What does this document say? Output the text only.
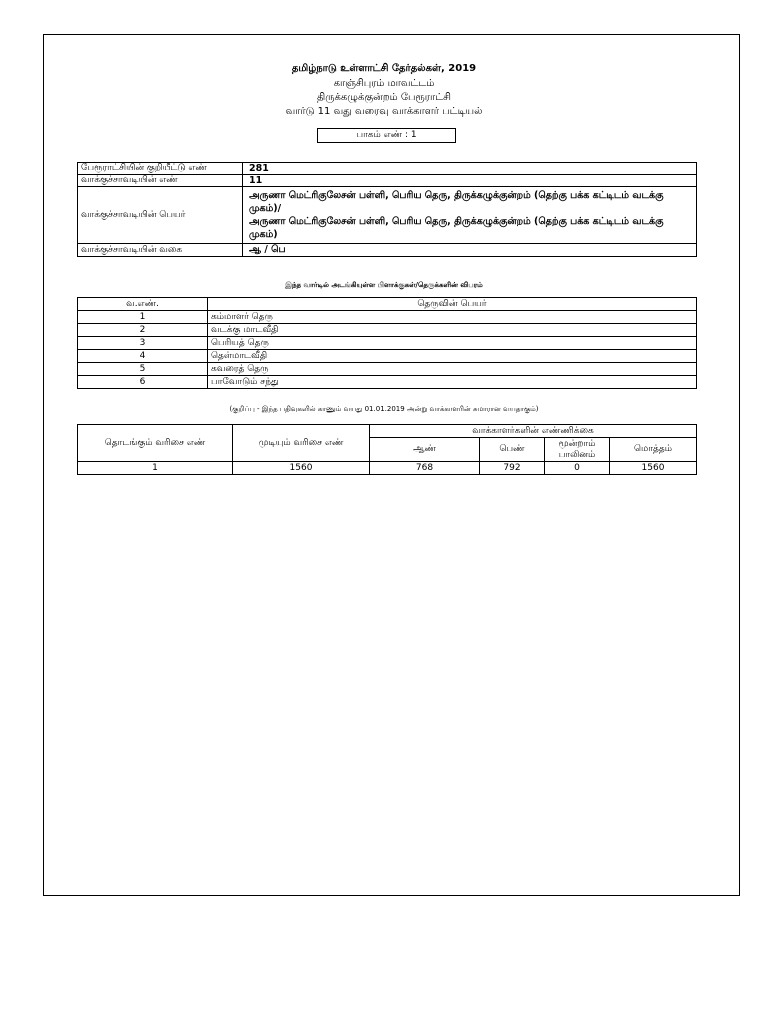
தமிழ்நாடு உள்ளாட்சி தேர்தல்கள், 2019
காஞ்சிபுரம் மாவட்டம்
திருக்கழுக்குன்றம் பேரூராட்சி
வார்டு 11 வது வரைவு வாக்காளர் பட்டியல்
பாகம் எண் : 1
பேரூராட்சியின் குறியீட்டு எண்	281
வாக்குச்சாவடியின் எண்	11
வாக்குச்சாவடியின் பெயர்	அருணா மெட்ரிகுலேசன் பள்ளி, பெரிய தெரு, திருக்கழுக்குன்றம் (தெற்கு பக்க கட்டிடம் வடக்கு முகம்)/
அருணா மெட்ரிகுலேசன் பள்ளி, பெரிய தெரு, திருக்கழுக்குன்றம் (தெற்கு பக்க கட்டிடம் வடக்கு முகம்)

வாக்குச்சாவடியின் வகை	ஆ / பெ
இந்த வார்டில் அடங்கியுள்ள பிளாக்குகள்/தெருக்களின் விபரம்
வ.எண்.	தெருவின் பெயர்
1	கம்மாளர் தெரு
2	வடக்கு மாடவீதி
3	பெரியத் தெரு
4	தெள்மாடவீதி
5	கவரைத் தெரு
6	பாவோடும் சந்து
(குறிப்பு - இந்த பதிவுகளில் காணும் வயது 01.01.2019 அன்று வாக்காளரின் சுமாரான வயதாகும்)
தொடங்கும் வரிசை எண்	முடியும் வரிசை எண்	வாக்காளர்களின் எண்ணிக்கை			
		ஆண்	பெண்	மூன்றாம் பாலினம்	மொத்தம்
1	1560	768	792	0	1560
